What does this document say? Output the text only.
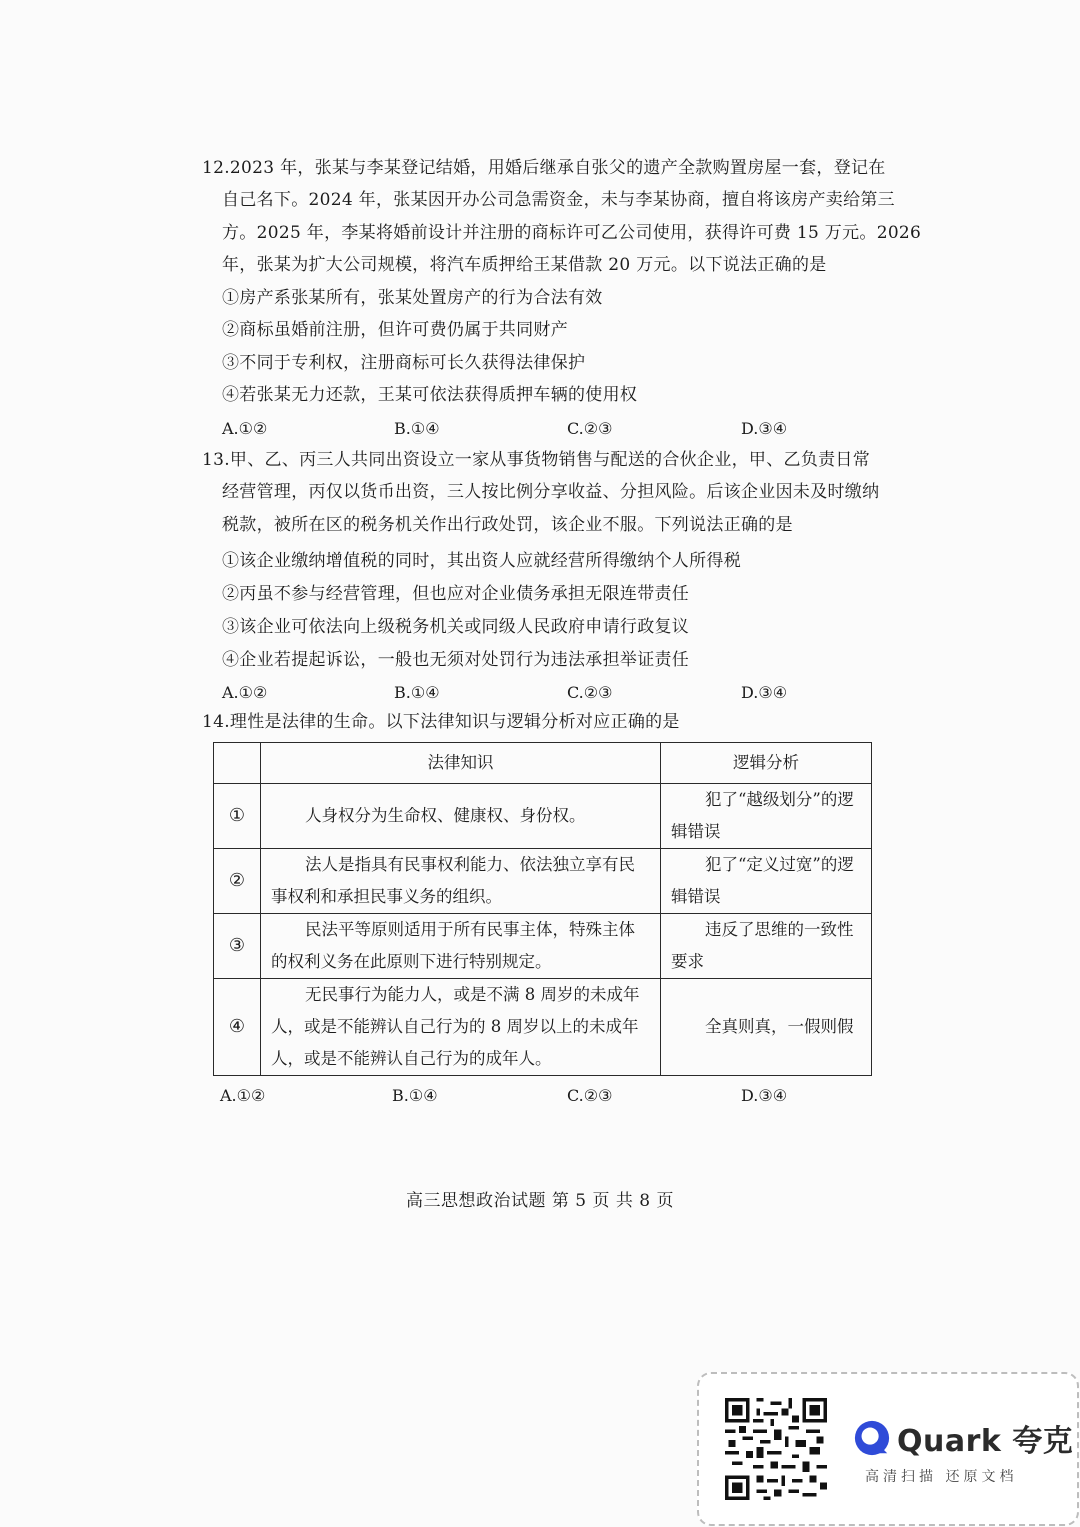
12.2023 年，张某与李某登记结婚，用婚后继承自张父的遗产全款购置房屋一套，登记在
自己名下。2024 年，张某因开办公司急需资金，未与李某协商，擅自将该房产卖给第三
方。2025 年，李某将婚前设计并注册的商标许可乙公司使用，获得许可费 15 万元。2026
年，张某为扩大公司规模，将汽车质押给王某借款 20 万元。以下说法正确的是
①房产系张某所有，张某处置房产的行为合法有效
②商标虽婚前注册，但许可费仍属于共同财产
③不同于专利权，注册商标可长久获得法律保护
④若张某无力还款，王某可依法获得质押车辆的使用权
A.①②	B.①④	C.②③	D.③④
13.甲、乙、丙三人共同出资设立一家从事货物销售与配送的合伙企业，甲、乙负责日常
经营管理，丙仅以货币出资，三人按比例分享收益、分担风险。后该企业因未及时缴纳
税款，被所在区的税务机关作出行政处罚，该企业不服。下列说法正确的是
①该企业缴纳增值税的同时，其出资人应就经营所得缴纳个人所得税
②丙虽不参与经营管理，但也应对企业债务承担无限连带责任
③该企业可依法向上级税务机关或同级人民政府申请行政复议
④企业若提起诉讼，一般也无须对处罚行为违法承担举证责任
A.①②	B.①④	C.②③	D.③④
14.理性是法律的生命。以下法律知识与逻辑分析对应正确的是
	法律知识	逻辑分析
①	人身权分为生命权、健康权、身份权。	犯了“越级划分”的逻辑错误
②	法人是指具有民事权利能力、依法独立享有民事权利和承担民事义务的组织。	犯了“定义过宽”的逻辑错误
③	民法平等原则适用于所有民事主体，特殊主体的权利义务在此原则下进行特别规定。	违反了思维的一致性要求
④	无民事行为能力人，或是不满 8 周岁的未成年人，或是不能辨认自己行为的 8 周岁以上的未成年人，或是不能辨认自己行为的成年人。	全真则真，一假则假
A.①②	B.①④	C.②③	D.③④
高三思想政治试题 第 5 页 共 8 页
Quark 夸克
高清扫描 还原文档
